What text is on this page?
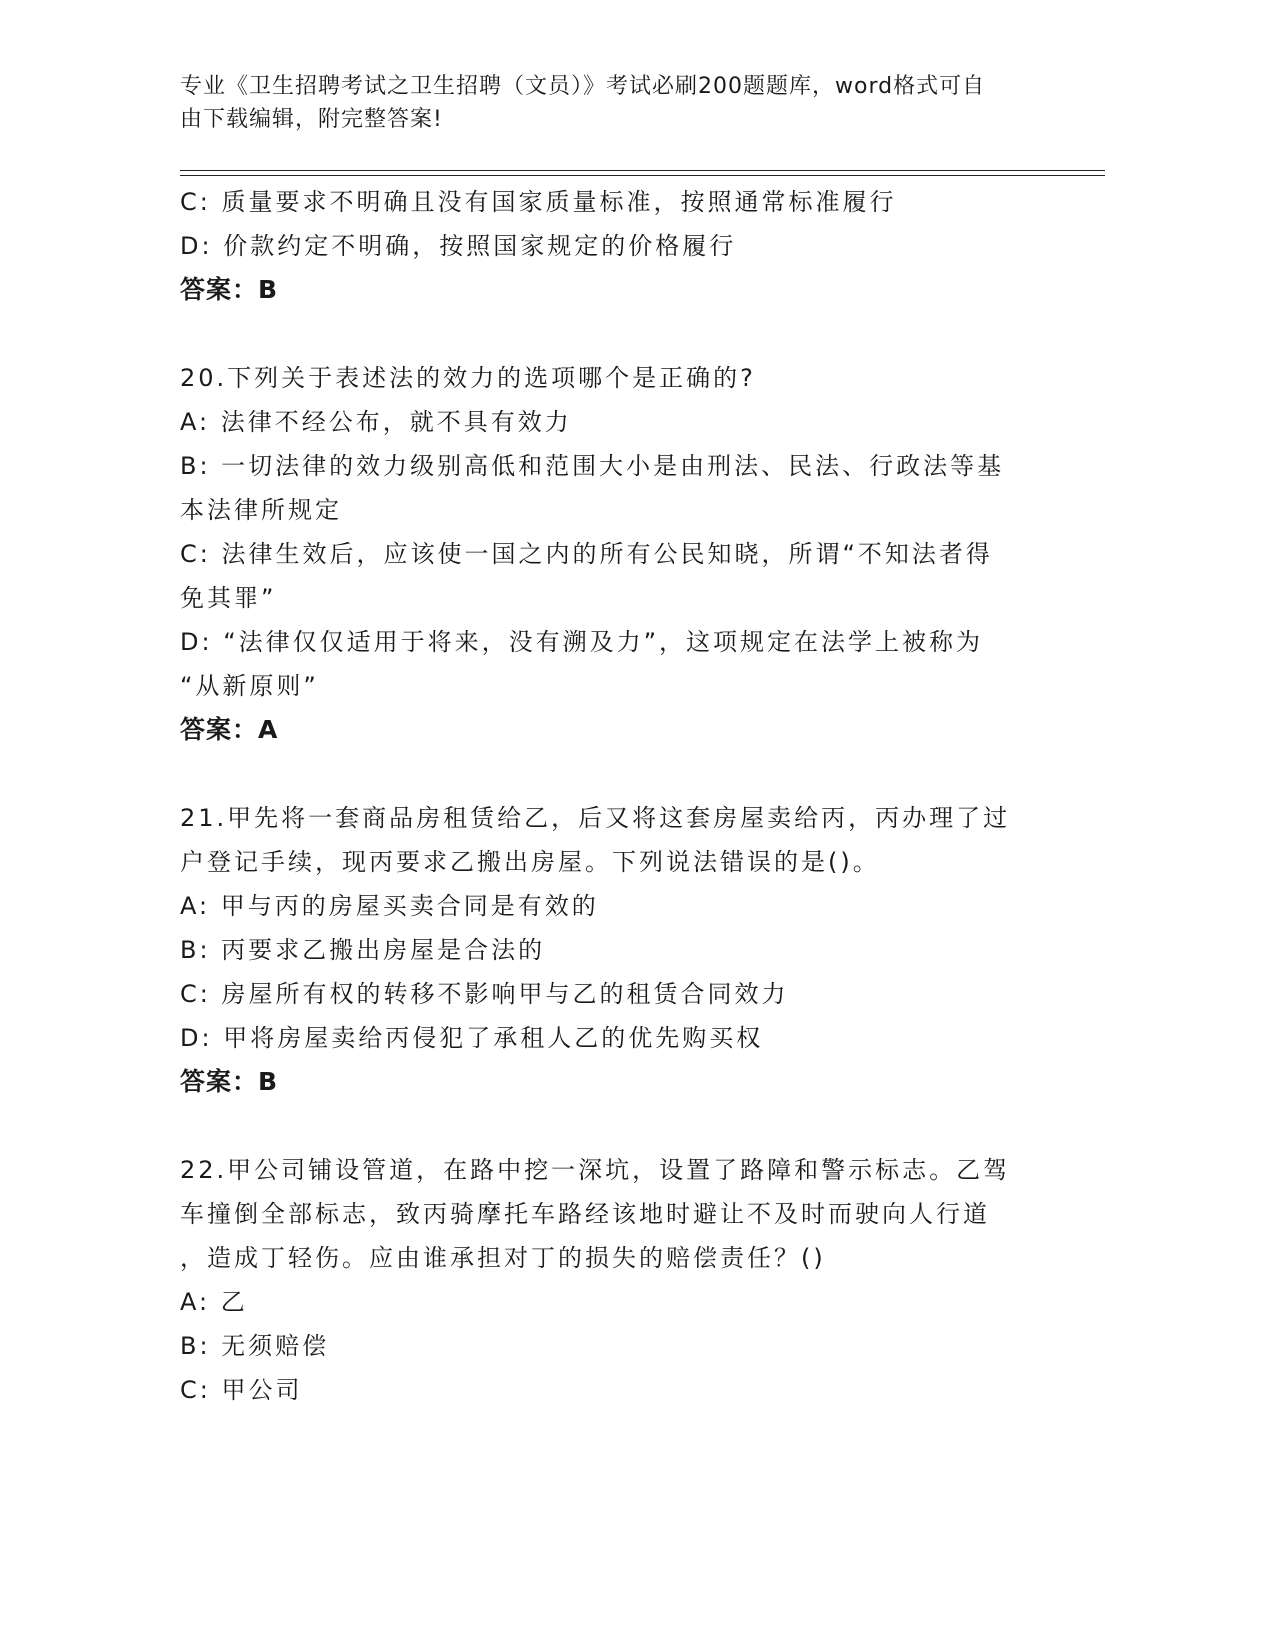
专业《卫生招聘考试之卫生招聘（文员）》考试必刷200题题库，word格式可自
由下载编辑，附完整答案!
C: 质量要求不明确且没有国家质量标准，按照通常标准履行
D: 价款约定不明确，按照国家规定的价格履行
答案：B
20.下列关于表述法的效力的选项哪个是正确的?
A: 法律不经公布，就不具有效力
B: 一切法律的效力级别高低和范围大小是由刑法、民法、行政法等基
本法律所规定
C: 法律生效后，应该使一国之内的所有公民知晓，所谓“不知法者得
免其罪”
D: “法律仅仅适用于将来，没有溯及力”，这项规定在法学上被称为
“从新原则”
答案：A
21.甲先将一套商品房租赁给乙，后又将这套房屋卖给丙，丙办理了过
户登记手续，现丙要求乙搬出房屋。下列说法错误的是()。
A: 甲与丙的房屋买卖合同是有效的
B: 丙要求乙搬出房屋是合法的
C: 房屋所有权的转移不影响甲与乙的租赁合同效力
D: 甲将房屋卖给丙侵犯了承租人乙的优先购买权
答案：B
22.甲公司铺设管道，在路中挖一深坑，设置了路障和警示标志。乙驾
车撞倒全部标志，致丙骑摩托车路经该地时避让不及时而驶向人行道
，造成丁轻伤。应由谁承担对丁的损失的赔偿责任？()
A: 乙
B: 无须赔偿
C: 甲公司
